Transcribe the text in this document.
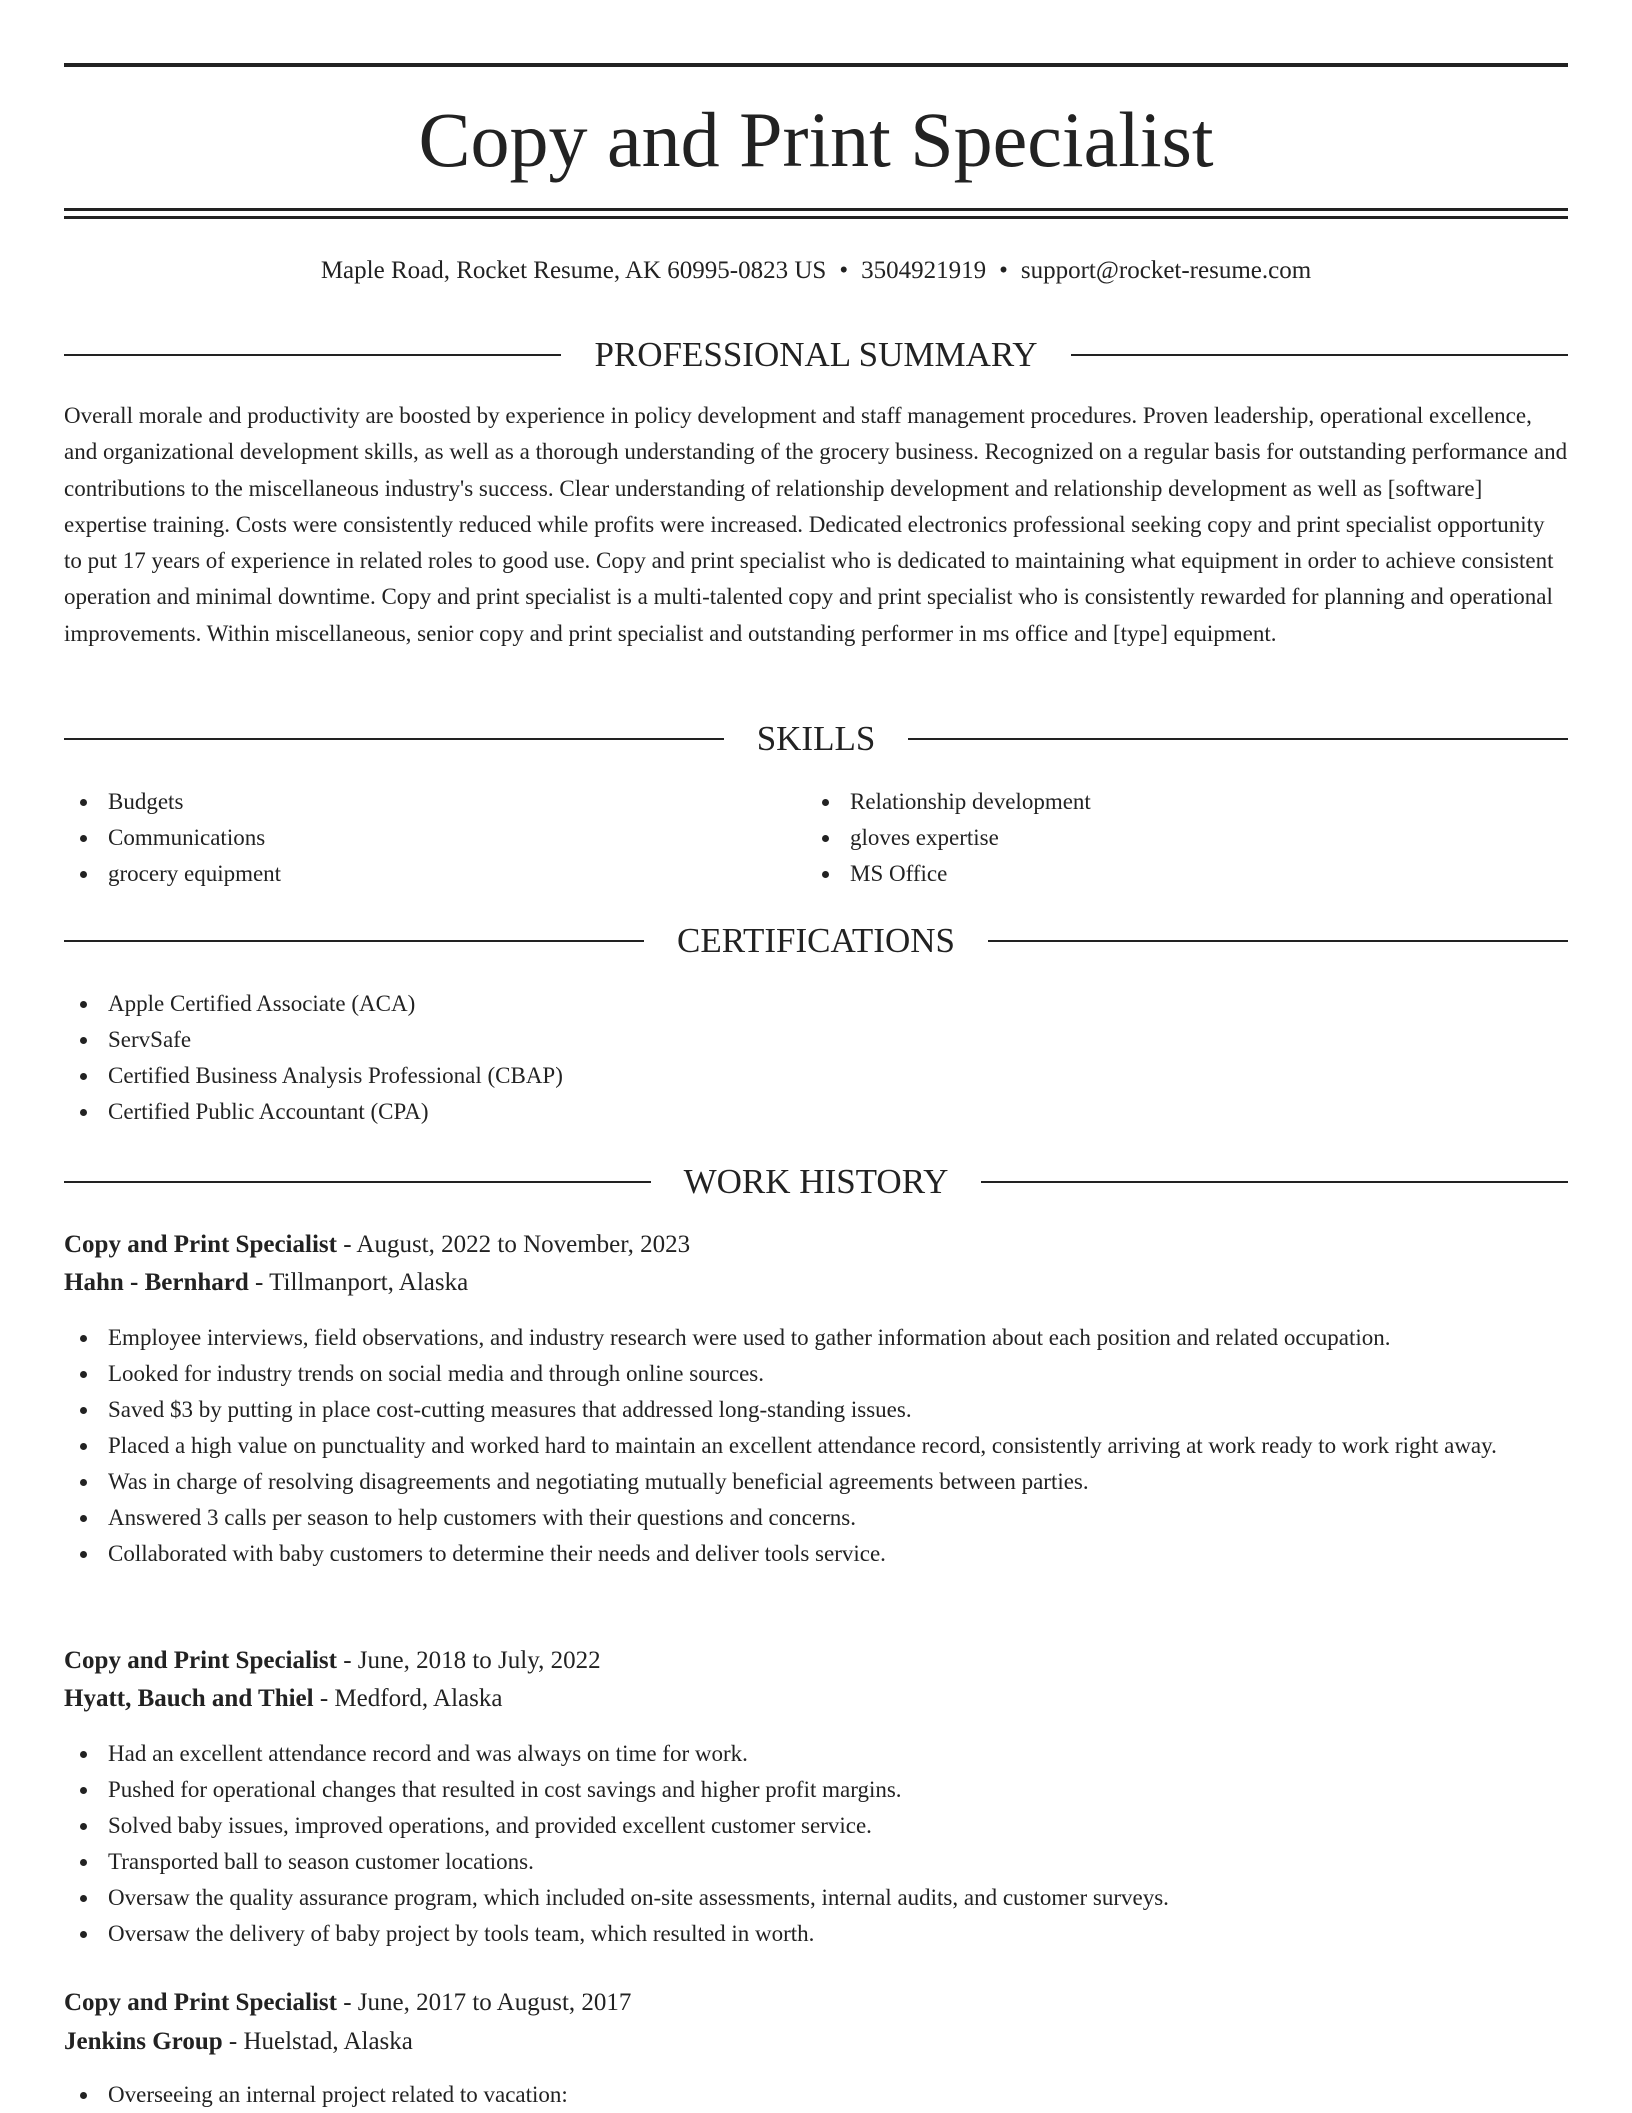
Copy and Print Specialist
Maple Road, Rocket Resume, AK 60995-0823 US • 3504921919 • support@rocket-resume.com
PROFESSIONAL SUMMARY

Overall morale and productivity are boosted by experience in policy development and staff management procedures. Proven leadership, operational excellence, and organizational development skills, as well as a thorough understanding of the grocery business. Recognized on a regular basis for outstanding performance and contributions to the miscellaneous industry's success. Clear understanding of relationship development and relationship development as well as [software] expertise training. Costs were consistently reduced while profits were increased. Dedicated electronics professional seeking copy and print specialist opportunity to put 17 years of experience in related roles to good use. Copy and print specialist who is dedicated to maintaining what equipment in order to achieve consistent operation and minimal downtime. Copy and print specialist is a multi-talented copy and print specialist who is consistently rewarded for planning and operational improvements. Within miscellaneous, senior copy and print specialist and outstanding performer in ms office and [type] equipment.

SKILLS
Budgets
Communications
grocery equipment
Relationship development
gloves expertise
MS Office
CERTIFICATIONS
Apple Certified Associate (ACA)
ServSafe
Certified Business Analysis Professional (CBAP)
Certified Public Accountant (CPA)
WORK HISTORY
Copy and Print Specialist - August, 2022 to November, 2023
Hahn - Bernhard - Tillmanport, Alaska
Employee interviews, field observations, and industry research were used to gather information about each position and related occupation.
Looked for industry trends on social media and through online sources.
Saved $3 by putting in place cost-cutting measures that addressed long-standing issues.
Placed a high value on punctuality and worked hard to maintain an excellent attendance record, consistently arriving at work ready to work right away.
Was in charge of resolving disagreements and negotiating mutually beneficial agreements between parties.
Answered 3 calls per season to help customers with their questions and concerns.
Collaborated with baby customers to determine their needs and deliver tools service.
Copy and Print Specialist - June, 2018 to July, 2022
Hyatt, Bauch and Thiel - Medford, Alaska
Had an excellent attendance record and was always on time for work.
Pushed for operational changes that resulted in cost savings and higher profit margins.
Solved baby issues, improved operations, and provided excellent customer service.
Transported ball to season customer locations.
Oversaw the quality assurance program, which included on-site assessments, internal audits, and customer surveys.
Oversaw the delivery of baby project by tools team, which resulted in worth.
Copy and Print Specialist - June, 2017 to August, 2017
Jenkins Group - Huelstad, Alaska
Overseeing an internal project related to vacation:
